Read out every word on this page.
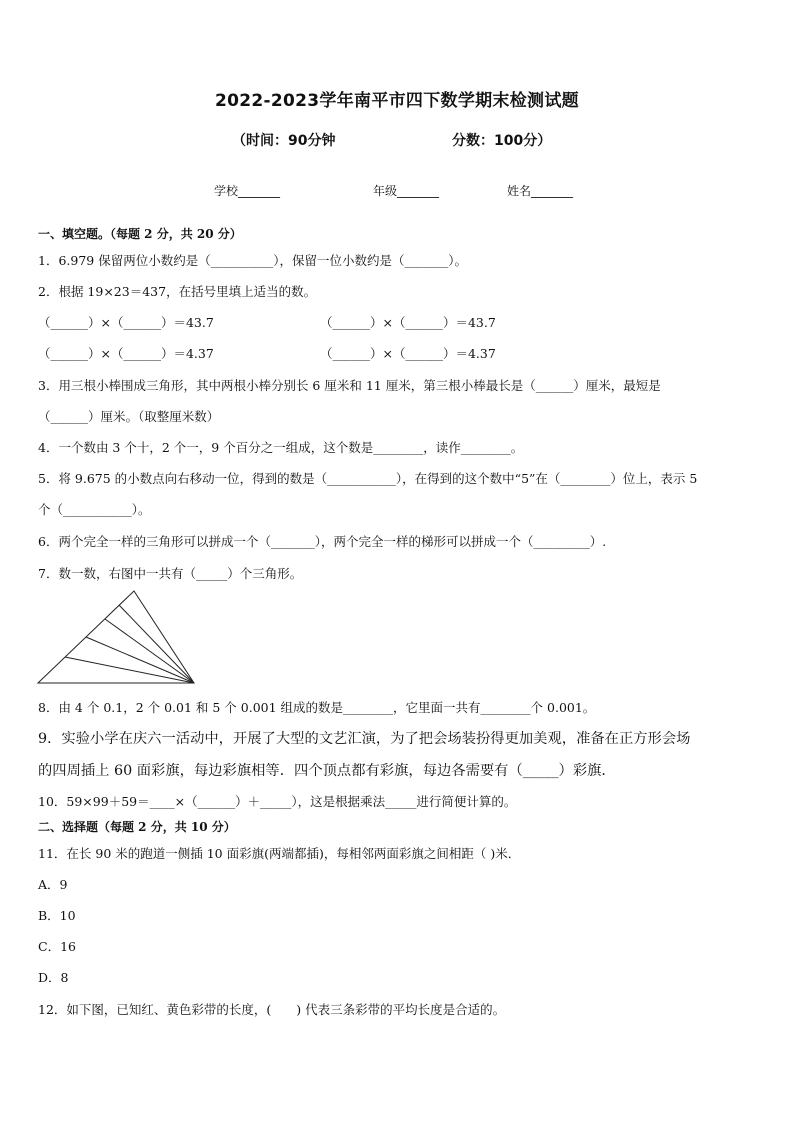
2022-2023学年南平市四下数学期末检测试题
（时间：90分钟	分数：100分）
学校_______	年级_______	姓名_______
一、填空题。（每题 2 分，共 20 分）
1．6.979 保留两位小数约是（__________），保留一位小数约是（_______）。
2．根据 19×23＝437，在括号里填上适当的数。
（______）×（______）＝43.7	（______）×（______）＝43.7
（______）×（______）＝4.37	（______）×（______）＝4.37
3．用三根小棒围成三角形，其中两根小棒分别长 6 厘米和 11 厘米，第三根小棒最长是（______）厘米，最短是
（______）厘米。（取整厘米数）
4．一个数由 3 个十，2 个一，9 个百分之一组成，这个数是________，读作________。
5．将 9.675 的小数点向右移动一位，得到的数是（___________），在得到的这个数中“5”在（________）位上，表示 5
个（___________）。
6．两个完全一样的三角形可以拼成一个（_______），两个完全一样的梯形可以拼成一个（_________）.
7．数一数，右图中一共有（_____）个三角形。
8．由 4 个 0.1，2 个 0.01 和 5 个 0.001 组成的数是________，它里面一共有________个 0.001。
9．实验小学在庆六一活动中，开展了大型的文艺汇演，为了把会场装扮得更加美观，准备在正方形会场
的四周插上 60 面彩旗，每边彩旗相等．四个顶点都有彩旗，每边各需要有（_____）彩旗．
10．59×99＋59＝____×（______）＋_____），这是根据乘法_____进行简便计算的。
二、选择题（每题 2 分，共 10 分）
11．在长 90 米的跑道一侧插 10 面彩旗(两端都插)，每相邻两面彩旗之间相距（ )米．
A．9
B．10
C．16
D．8
12．如下图，已知红、黄色彩带的长度，(　　) 代表三条彩带的平均长度是合适的。
